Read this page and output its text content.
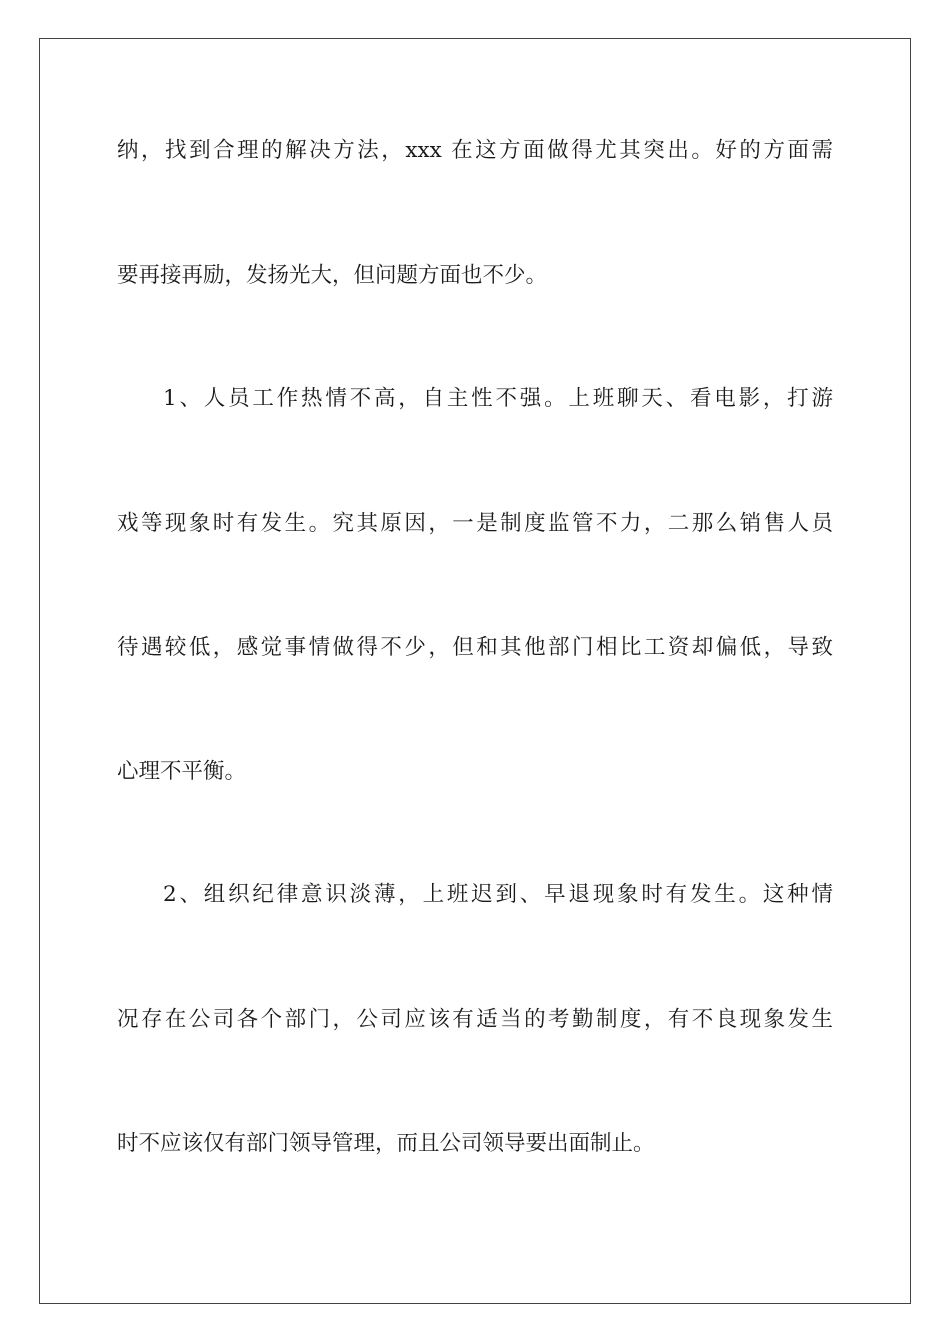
纳，找到合理的解决方法，xxx 在这方面做得尤其突出。好的方面需
要再接再励，发扬光大，但问题方面也不少。
1、人员工作热情不高，自主性不强。上班聊天、看电影，打游
戏等现象时有发生。究其原因，一是制度监管不力，二那么销售人员
待遇较低，感觉事情做得不少，但和其他部门相比工资却偏低，导致
心理不平衡。
2、组织纪律意识淡薄，上班迟到、早退现象时有发生。这种情
况存在公司各个部门，公司应该有适当的考勤制度，有不良现象发生
时不应该仅有部门领导管理，而且公司领导要出面制止。
